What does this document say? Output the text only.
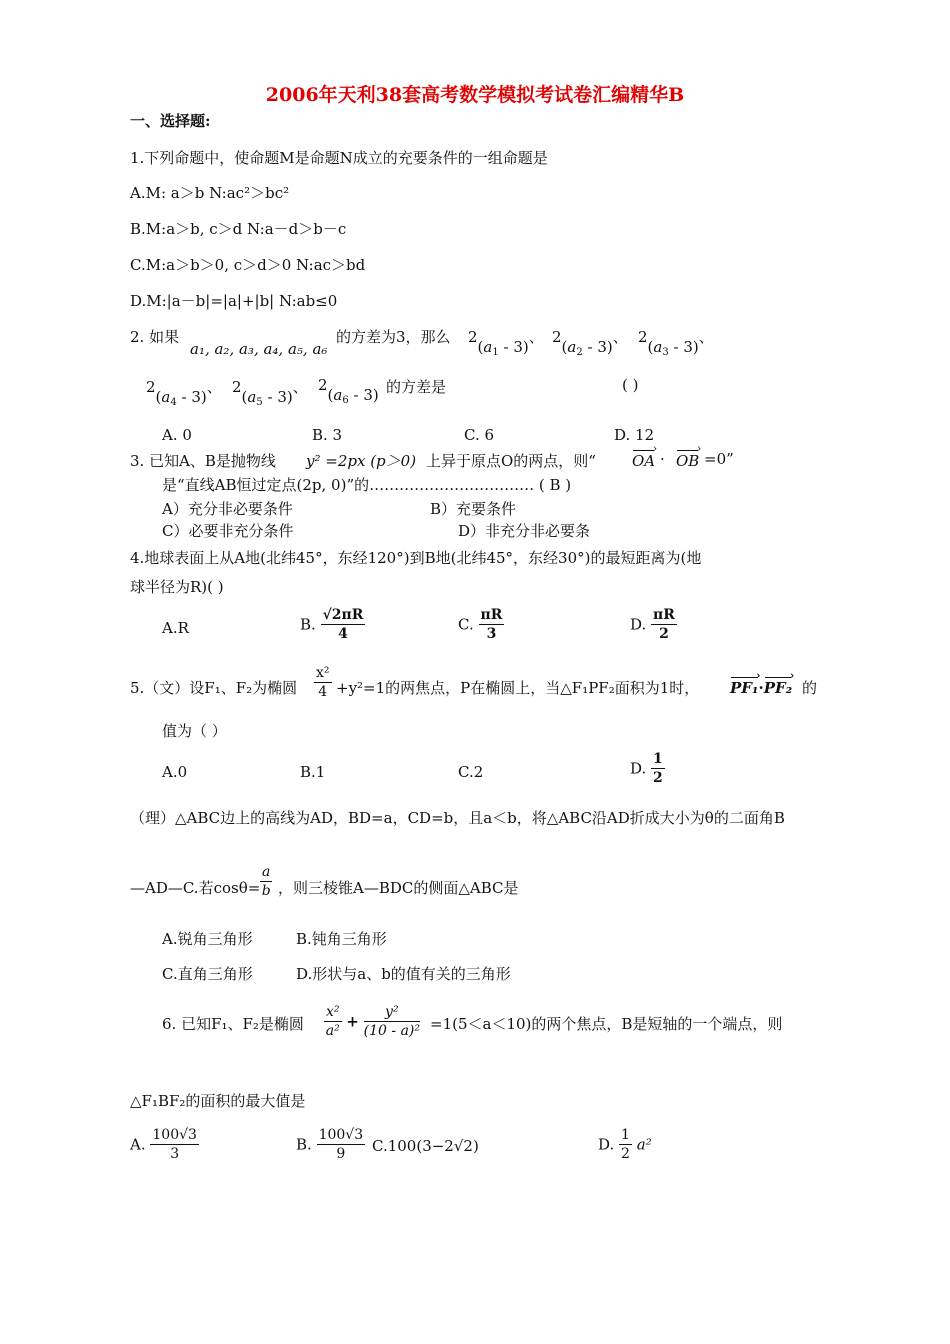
2006年天利38套高考数学模拟考试卷汇编精华B
一、选择题:
1.下列命题中，使命题M是命题N成立的充要条件的一组命题是
A.M: a＞b N:ac²＞bc²
B.M:a＞b, c＞d N:a－d＞b－c
C.M:a＞b＞0, c＞d＞0 N:ac＞bd
D.M:|a－b|=|a|+|b| N:ab≤0
2. 如果
a₁, a₂, a₃, a₄, a₅, a₆
的方差为3，那么 $2(a_1 - 3)$、 $2(a_2 - 3)$、 $2(a_3 - 3)$、
$2(a_4 - 3)$、 $2(a_5 - 3)$、 $2(a_6 - 3)$ 的方差是	( )
A. 0	B. 3	C. 6	D. 12
3. 已知A、B是抛物线 y² =2px (p＞0) 上异于原点O的两点，则“ OA › · OB › =0”
是“直线AB恒过定点(2p, 0)”的…………………………… ( B )
A）充分非必要条件	B）充要条件
C）必要非充分条件	D）非充分非必要条
4.地球表面上从A地(北纬45°，东经120°)到B地(北纬45°，东经30°)的最短距离为(地
球半径为R)( )
A.R	B. $\frac{√2\pi R}{4}$	C. $\frac{\pi R}{3}$	D. $\frac{\pi R}{2}$
5.（文）设F₁、F₂为椭圆 $\frac{\text{x²}}{4} +y^2=1$的两焦点，P在椭圆上，当△F₁PF₂面积为1时， PF₁ ›·PF₂ › 的
值为（ ）
A.0	B.1	C.2	D. $\frac{1}{2}$
（理）△ABC边上的高线为AD，BD=a，CD=b，且a＜b，将△ABC沿AD折成大小为θ的二面角B
—AD—C.若$\cos\theta= \frac{a}{b}$ ，则三棱锥A—BDC的侧面△ABC是
A.锐角三角形	B.钝角三角形
C.直角三角形	D.形状与a、b的值有关的三角形
6. 已知F₁、F₂是椭圆 $\frac{\text{x²}}{\text{a²}} + \frac{\text{y²}}{\text{(10 - a)²}} =1(5<a<10)$的两个焦点，B是短轴的一个端点，则
△F₁BF₂的面积的最大值是
A. $\frac{100√3}{3}$	B. $\frac{100√3}{9} C.100(3-2√2)$	D. $\frac{1}{2} a^2$
